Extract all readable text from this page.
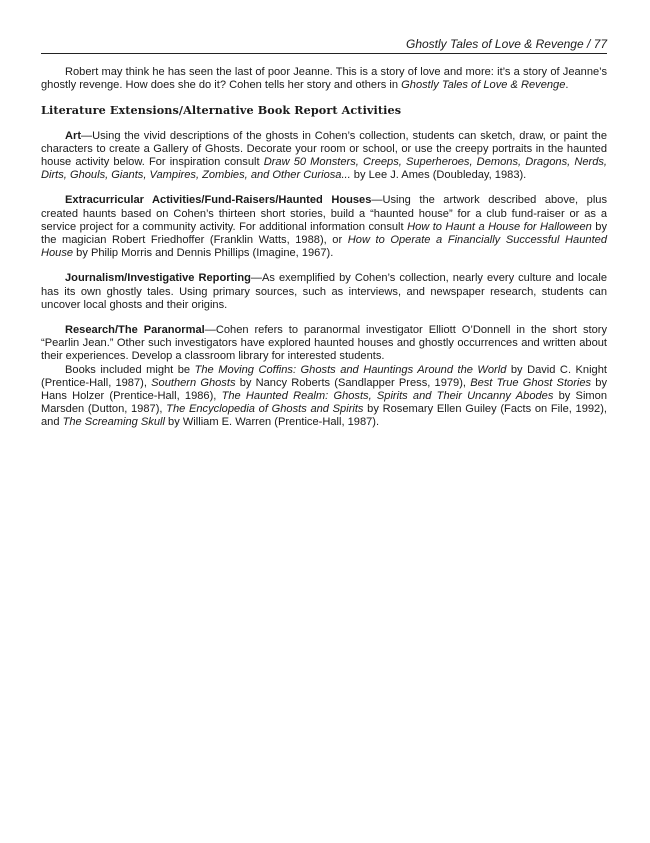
Ghostly Tales of Love & Revenge / 77

Robert may think he has seen the last of poor Jeanne. This is a story of love and more: it’s a story of Jeanne’s ghostly revenge. How does she do it? Cohen tells her story and others in Ghostly Tales of Love & Revenge.

Literature Extensions/Alternative Book Report Activities

Art—Using the vivid descriptions of the ghosts in Cohen’s collection, students can sketch, draw, or paint the characters to create a Gallery of Ghosts. Decorate your room or school, or use the creepy portraits in the haunted house activity below. For inspiration consult Draw 50 Monsters, Creeps, Superheroes, Demons, Dragons, Nerds, Dirts, Ghouls, Giants, Vampires, Zombies, and Other Curiosa... by Lee J. Ames (Doubleday, 1983).

Extracurricular Activities/Fund-Raisers/Haunted Houses—Using the artwork described above, plus created haunts based on Cohen’s thirteen short stories, build a “haunted house” for a club fund-raiser or as a service project for a community activity. For additional information consult How to Haunt a House for Halloween by the magician Robert Friedhoffer (Franklin Watts, 1988), or How to Operate a Financially Successful Haunted House by Philip Morris and Dennis Phillips (Imagine, 1967).

Journalism/Investigative Reporting—As exemplified by Cohen’s collection, nearly every culture and locale has its own ghostly tales. Using primary sources, such as interviews, and newspaper research, students can uncover local ghosts and their origins.

Research/The Paranormal—Cohen refers to paranormal investigator Elliott O’Donnell in the short story “Pearlin Jean.” Other such investigators have explored haunted houses and ghostly occurrences and written about their experiences. Develop a classroom library for interested students.

Books included might be The Moving Coffins: Ghosts and Hauntings Around the World by David C. Knight (Prentice-Hall, 1987), Southern Ghosts by Nancy Roberts (Sandlapper Press, 1979), Best True Ghost Stories by Hans Holzer (Prentice-Hall, 1986), The Haunted Realm: Ghosts, Spirits and Their Uncanny Abodes by Simon Marsden (Dutton, 1987), The Encyclopedia of Ghosts and Spirits by Rosemary Ellen Guiley (Facts on File, 1992), and The Screaming Skull by William E. Warren (Prentice-Hall, 1987).
